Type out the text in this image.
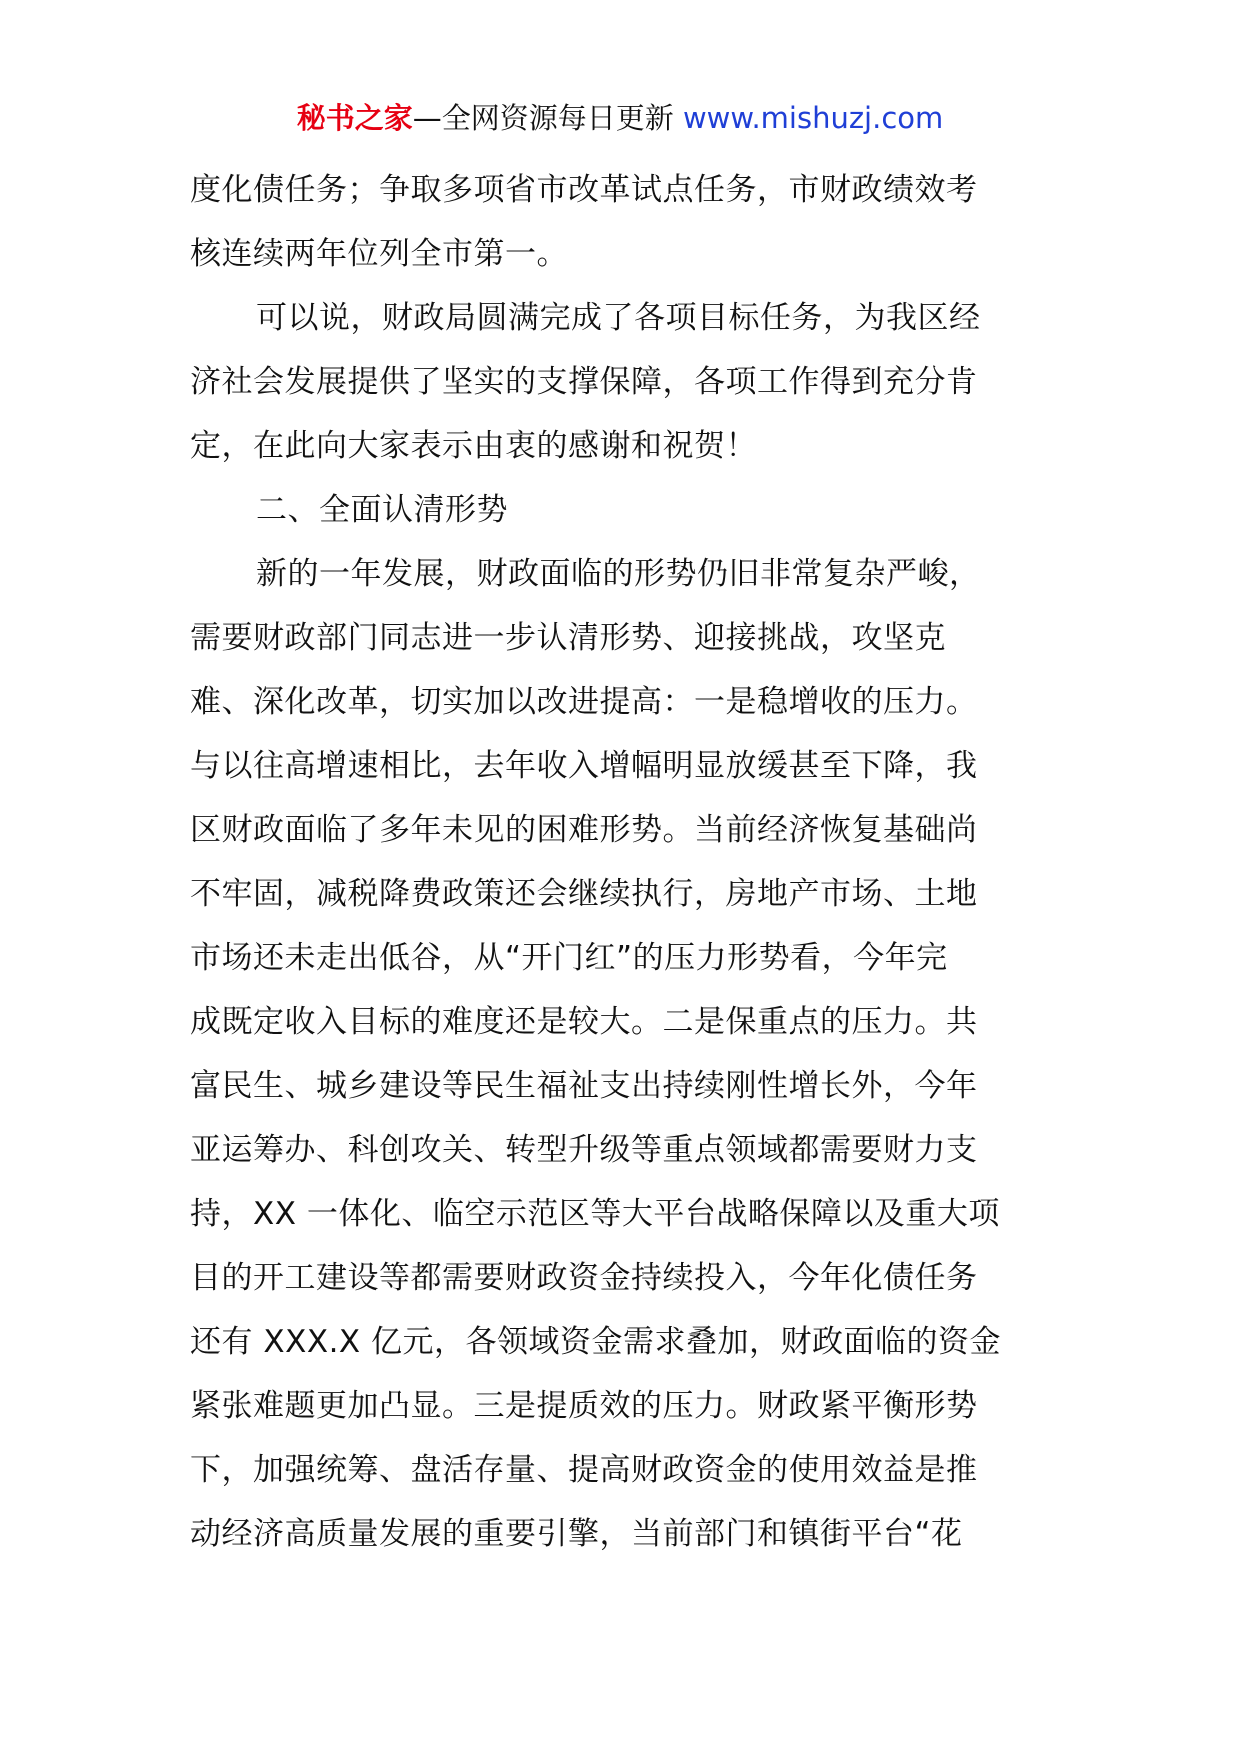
秘书之家—全网资源每日更新 www.mishuzj.com
度化债任务；争取多项省市改革试点任务，市财政绩效考
核连续两年位列全市第一。
可以说，财政局圆满完成了各项目标任务，为我区经
济社会发展提供了坚实的支撑保障，各项工作得到充分肯
定，在此向大家表示由衷的感谢和祝贺！
二、全面认清形势
新的一年发展，财政面临的形势仍旧非常复杂严峻，
需要财政部门同志进一步认清形势、迎接挑战，攻坚克
难、深化改革，切实加以改进提高：一是稳增收的压力。
与以往高增速相比，去年收入增幅明显放缓甚至下降，我
区财政面临了多年未见的困难形势。当前经济恢复基础尚
不牢固，减税降费政策还会继续执行，房地产市场、土地
市场还未走出低谷，从“开门红”的压力形势看，今年完
成既定收入目标的难度还是较大。二是保重点的压力。共
富民生、城乡建设等民生福祉支出持续刚性增长外，今年
亚运筹办、科创攻关、转型升级等重点领域都需要财力支
持，XX 一体化、临空示范区等大平台战略保障以及重大项
目的开工建设等都需要财政资金持续投入，今年化债任务
还有 XXX.X 亿元，各领域资金需求叠加，财政面临的资金
紧张难题更加凸显。三是提质效的压力。财政紧平衡形势
下，加强统筹、盘活存量、提高财政资金的使用效益是推
动经济高质量发展的重要引擎，当前部门和镇街平台“花
